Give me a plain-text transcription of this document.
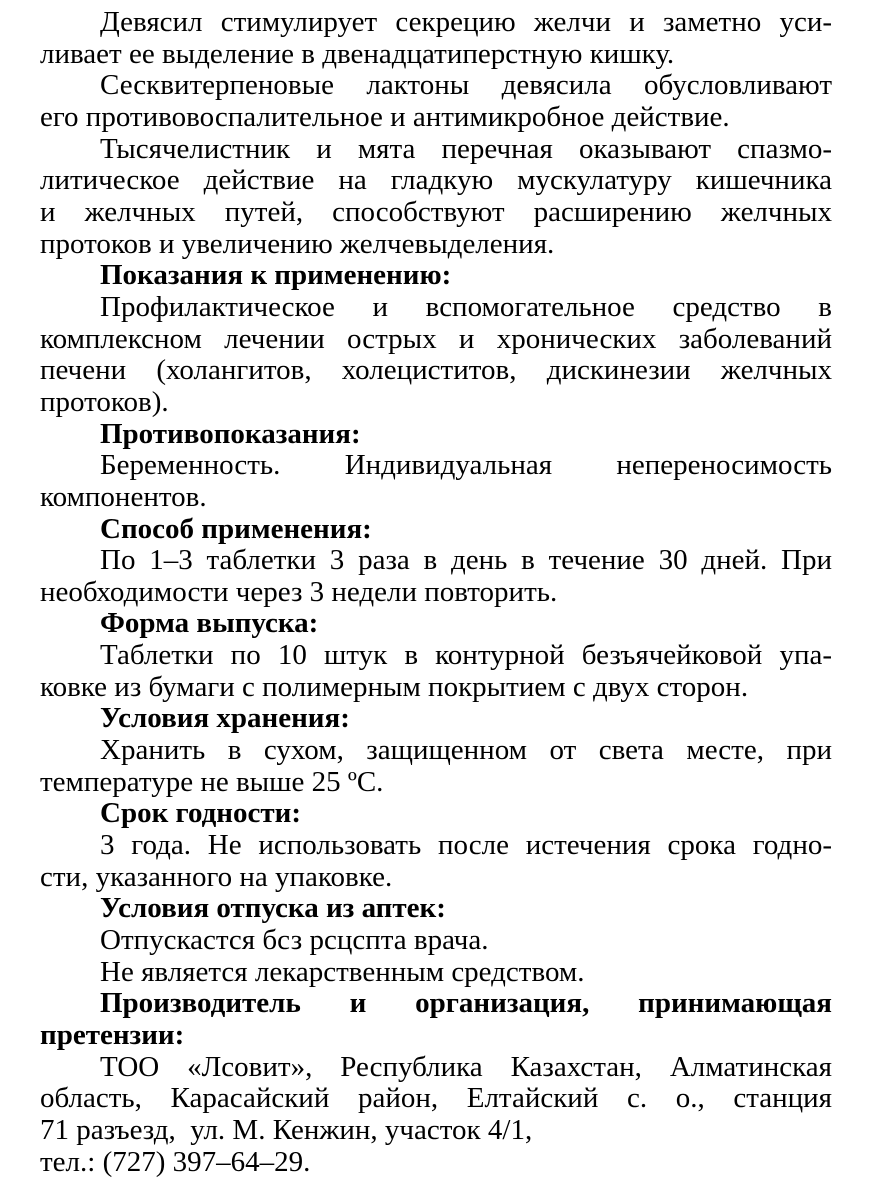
Девясил стимулирует секрецию желчи и заметно уси-
ливает ее выделение в двенадцатиперстную кишку.
Сесквитерпеновые лактоны девясила обусловливают
его противовоспалительное и антимикробное действие.
Тысячелистник и мята перечная оказывают спазмо-
литическое действие на гладкую мускулатуру кишечника
и желчных путей, способствуют расширению желчных
протоков и увеличению желчевыделения.
Показания к применению:
Профилактическое и вспомогательное средство в
комплексном лечении острых и хронических заболеваний
печени (холангитов, холециститов, дискинезии желчных
протоков).
Противопоказания:
Беременность. Индивидуальная непереносимость
компонентов.
Способ применения:
По 1–3 таблетки 3 раза в день в течение 30 дней. При
необходимости через 3 недели повторить.
Форма выпуска:
Таблетки по 10 штук в контурной безъячейковой упа-
ковке из бумаги с полимерным покрытием с двух сторон.
Условия хранения:
Хранить в сухом, защищенном от света месте, при
температуре не выше 25 ºС.
Срок годности:
3 года. Не использовать после истечения срока годно-
сти, указанного на упаковке.
Условия отпуска из аптек:
Отпускастся бсз рсцспта врача.
Не является лекарственным средством.
Производитель и организация, принимающая
претензии:
ТОО «Лсовит», Республика Казахстан, Алматинская
область, Карасайский район, Елтайский с. о., станция
71 разъезд,  ул. М. Кенжин, участок 4/1,
тел.: (727) 397–64–29.
